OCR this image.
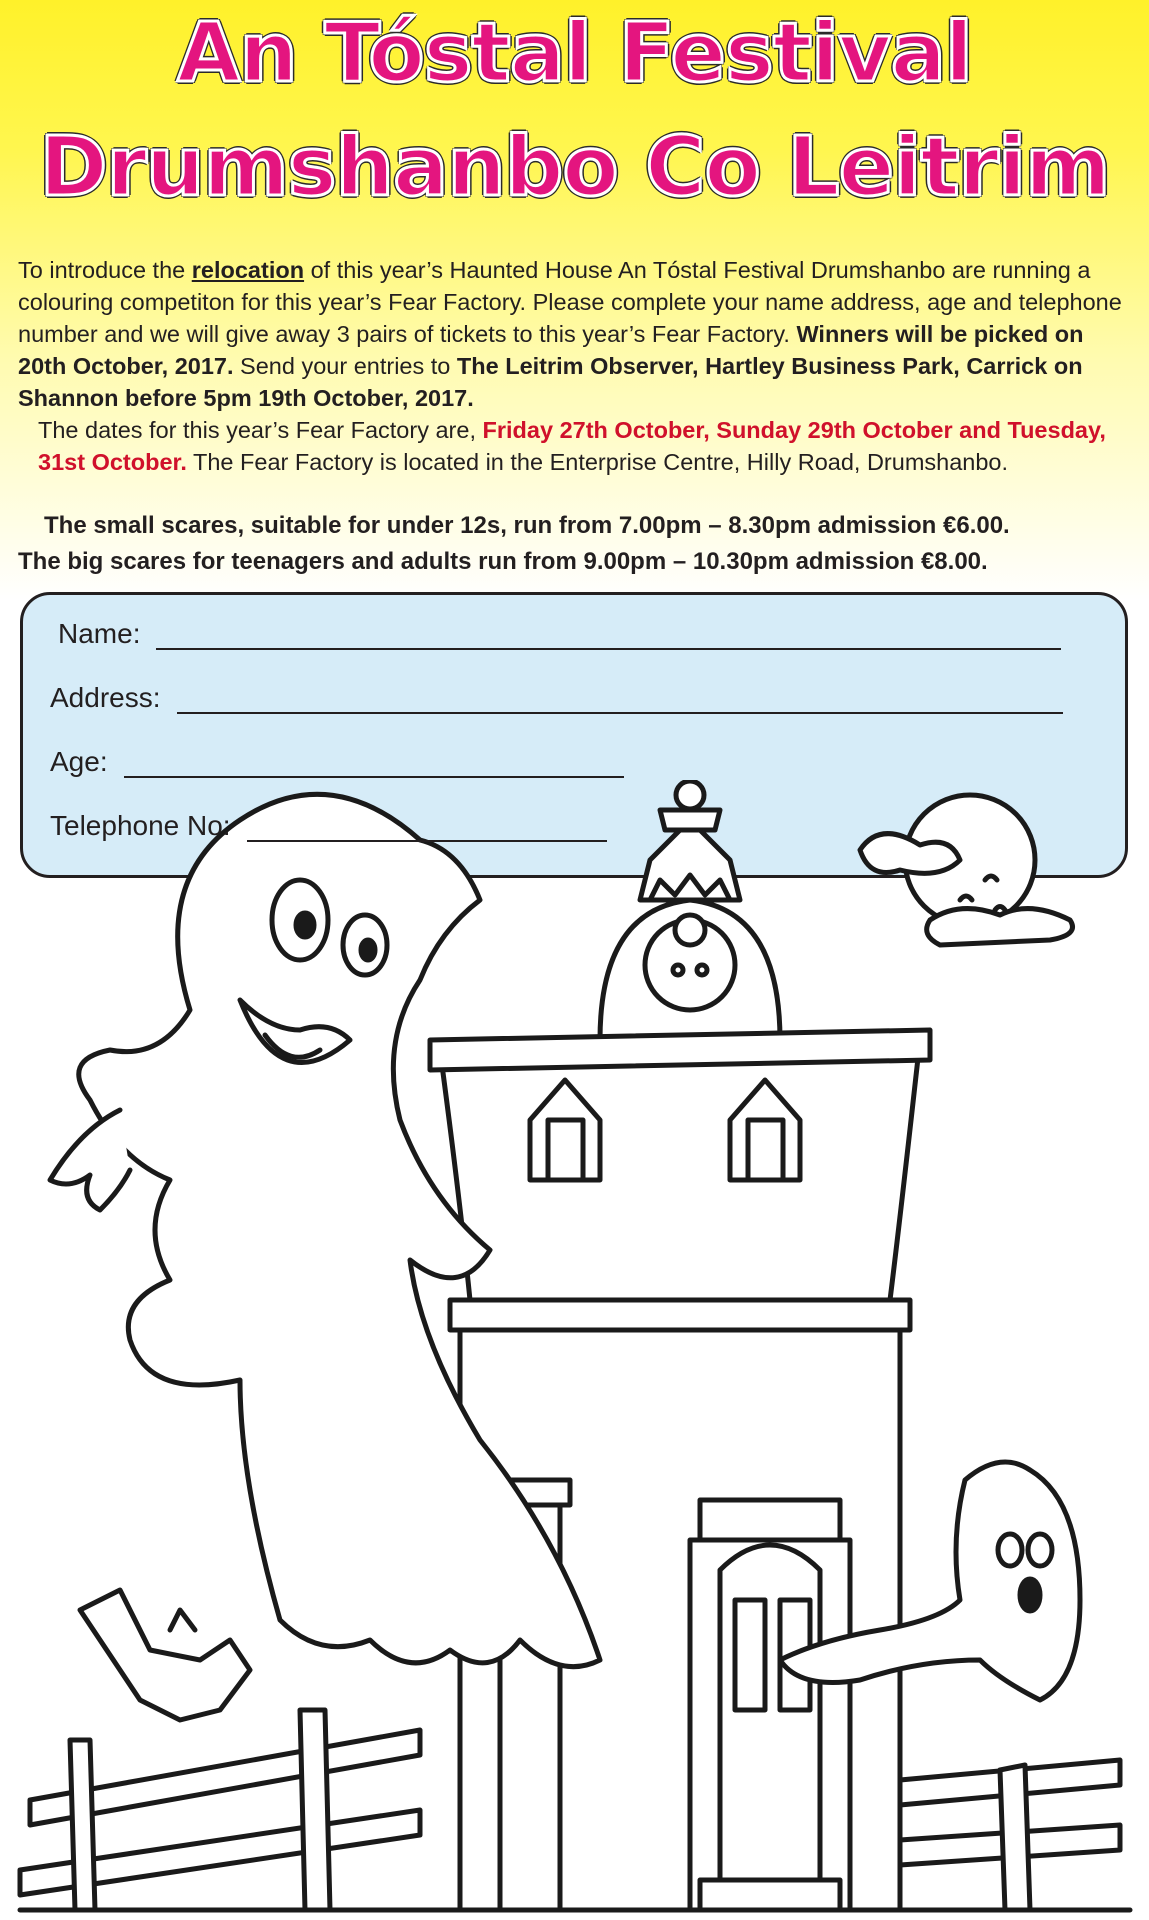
An Tóstal Festival
Drumshanbo Co Leitrim

To introduce the relocation of this year’s Haunted House An Tóstal Festival Drumshanbo are running a colouring competiton for this year’s Fear Factory. Please complete your name address, age and telephone number and we will give away 3 pairs of tickets to this year’s Fear Factory. Winners will be picked on 20th October, 2017. Send your entries to The Leitrim Observer, Hartley Business Park, Carrick on Shannon before 5pm 19th October, 2017.

The dates for this year’s Fear Factory are, Friday 27th October, Sunday 29th October and Tuesday, 31st October. The Fear Factory is located in the Enterprise Centre, Hilly Road, Drumshanbo.

The small scares, suitable for under 12s, run from 7.00pm – 8.30pm admission €6.00.

The big scares for teenagers and adults run from 9.00pm – 10.30pm admission €8.00.

Name:
Address:
Age:
Telephone No:
